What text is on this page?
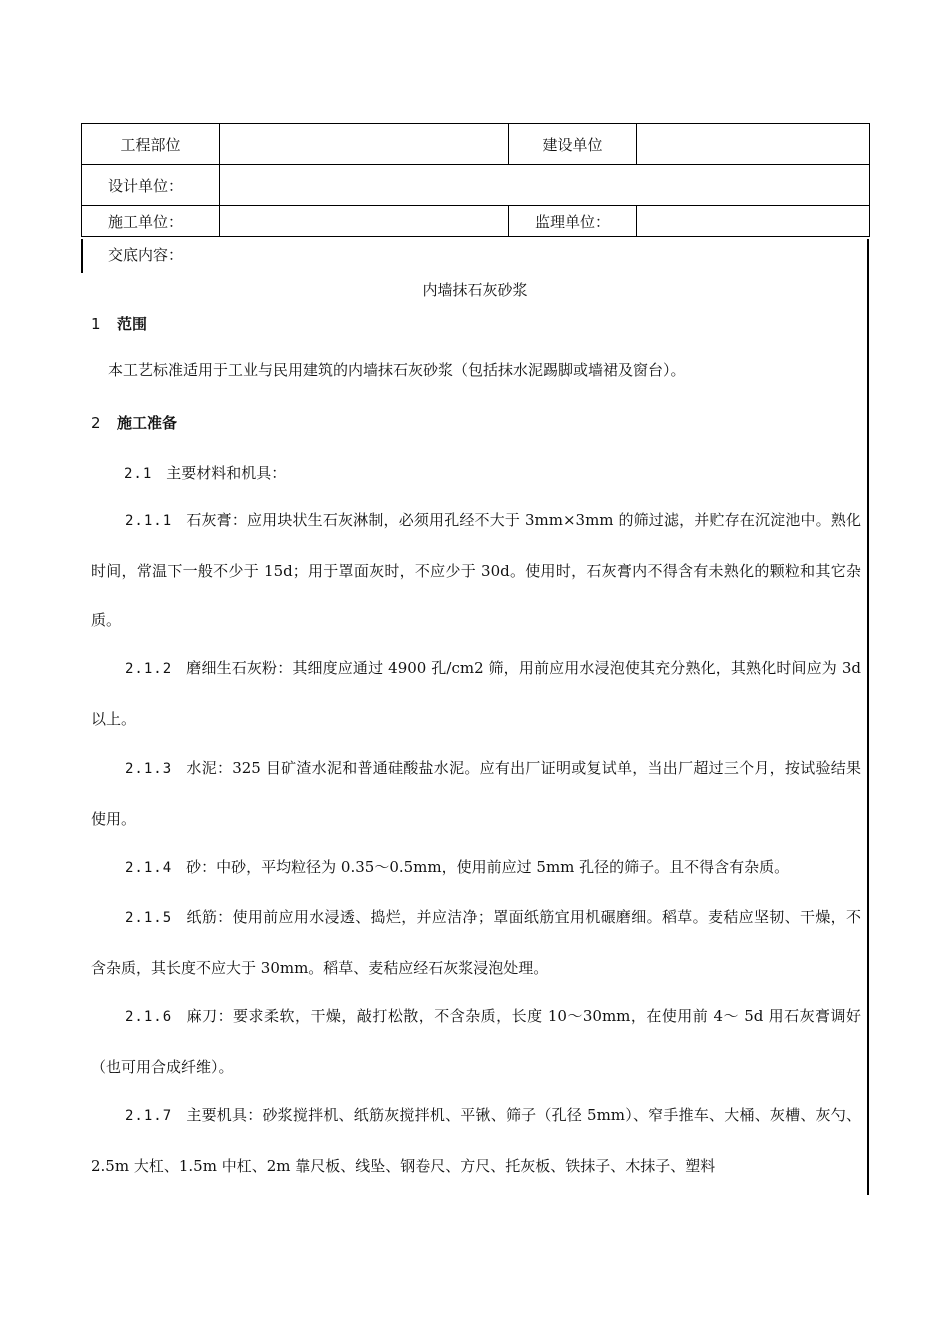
工程部位		建设单位	
设计单位：			
施工单位：		监理单位：	
交底内容：
内墙抹石灰砂浆
1 范围
本工艺标准适用于工业与民用建筑的内墙抹石灰砂浆（包括抹水泥踢脚或墙裙及窗台）。
2 施工准备
2.1 主要材料和机具：
2.1.1 石灰膏：应用块状生石灰淋制，必须用孔经不大于 3mm×3mm 的筛过滤，并贮存在沉淀池中。熟化时间，常温下一般不少于 15d；用于罩面灰时，不应少于 30d。使用时，石灰膏内不得含有未熟化的颗粒和其它杂质。
2.1.2 磨细生石灰粉：其细度应通过 4900 孔/cm2 筛，用前应用水浸泡使其充分熟化，其熟化时间应为 3d 以上。
2.1.3 水泥：325 目矿渣水泥和普通硅酸盐水泥。应有出厂证明或复试单，当出厂超过三个月，按试验结果使用。
2.1.4 砂：中砂，平均粒径为 0.35～0.5mm，使用前应过 5mm 孔径的筛子。且不得含有杂质。
2.1.5 纸筋：使用前应用水浸透、捣烂，并应洁净；罩面纸筋宜用机碾磨细。稻草。麦秸应坚韧、干燥，不含杂质，其长度不应大于 30mm。稻草、麦秸应经石灰浆浸泡处理。
2.1.6 麻刀：要求柔软，干燥，敲打松散，不含杂质，长度 10～30mm，在使用前 4～ 5d 用石灰膏调好（也可用合成纤维）。
2.1.7 主要机具：砂浆搅拌机、纸筋灰搅拌机、平锹、筛子（孔径 5mm）、窄手推车、大桶、灰槽、灰勺、2.5m 大杠、1.5m 中杠、2m 靠尺板、线坠、钢卷尺、方尺、托灰板、铁抹子、木抹子、塑料
